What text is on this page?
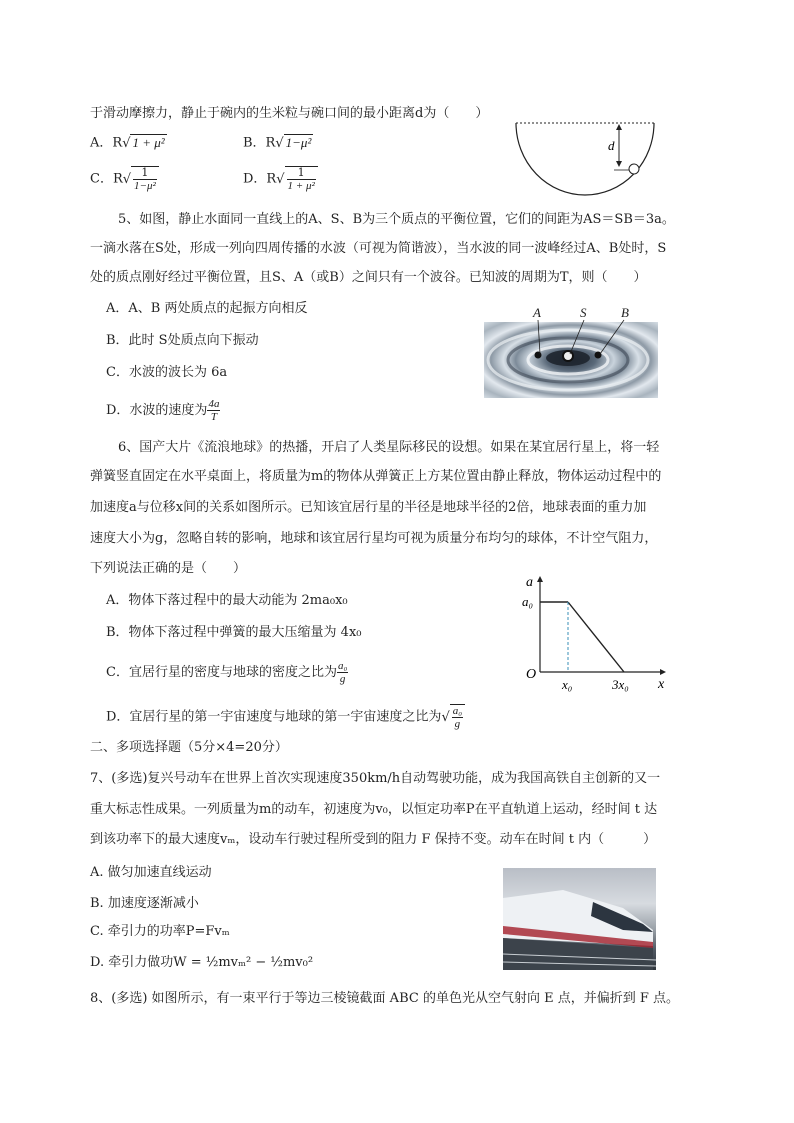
于滑动摩擦力，静止于碗内的生米粒与碗口间的最小距离d为（　　）
A．R√ 1 + μ²	B．R√ 1−μ²
C．$R√ \frac{1}{\text{1−μ²}}$	D．$R√ \frac{1}{\text{1 + μ²}}$
d
5、如图，静止水面同一直线上的A、S、B为三个质点的平衡位置，它们的间距为AS＝SB＝3a。
一滴水落在S处，形成一列向四周传播的水波（可视为简谐波），当水波的同一波峰经过A、B处时，S
处的质点刚好经过平衡位置，且S、A（或B）之间只有一个波谷。已知波的周期为T，则（　　）
A．A、B 两处质点的起振方向相反
B．此时 S处质点向下振动
C．水波的波长为 6a
D．水波的速度为 $\frac{4a}{T}$
A	S	B
6、国产大片《流浪地球》的热播，开启了人类星际移民的设想。如果在某宜居行星上，将一轻
弹簧竖直固定在水平桌面上，将质量为m的物体从弹簧正上方某位置由静止释放，物体运动过程中的
加速度a与位移x间的关系如图所示。已知该宜居行星的半径是地球半径的2倍，地球表面的重力加
速度大小为g，忽略自转的影响，地球和该宜居行星均可视为质量分布均匀的球体，不计空气阻力，
下列说法正确的是（　　）
A．物体下落过程中的最大动能为 2ma₀x₀
B．物体下落过程中弹簧的最大压缩量为 4x₀
C．宜居行星的密度与地球的密度之比为 $\frac{\text{a₀}}{g}$
D．宜居行星的第一宇宙速度与地球的第一宇宙速度之比为√ $\frac{\text{a₀}}{g}$
a
x
O
a₀
x₀	3x₀
二、多项选择题（5分×4=20分）
7、(多选)复兴号动车在世界上首次实现速度350km/h自动驾驶功能，成为我国高铁自主创新的又一
重大标志性成果。一列质量为m的动车，初速度为v₀，以恒定功率P在平直轨道上运动，经时间 t 达
到该功率下的最大速度vₘ，设动车行驶过程所受到的阻力 F 保持不变。动车在时间 t 内（　　　）
A. 做匀加速直线运动
B. 加速度逐渐减小
C. 牵引力的功率P=Fvₘ
D. 牵引力做功W = ½mvₘ² − ½mv₀²
8、(多选) 如图所示，有一束平行于等边三棱镜截面 ABC 的单色光从空气射向 E 点，并偏折到 F 点。
